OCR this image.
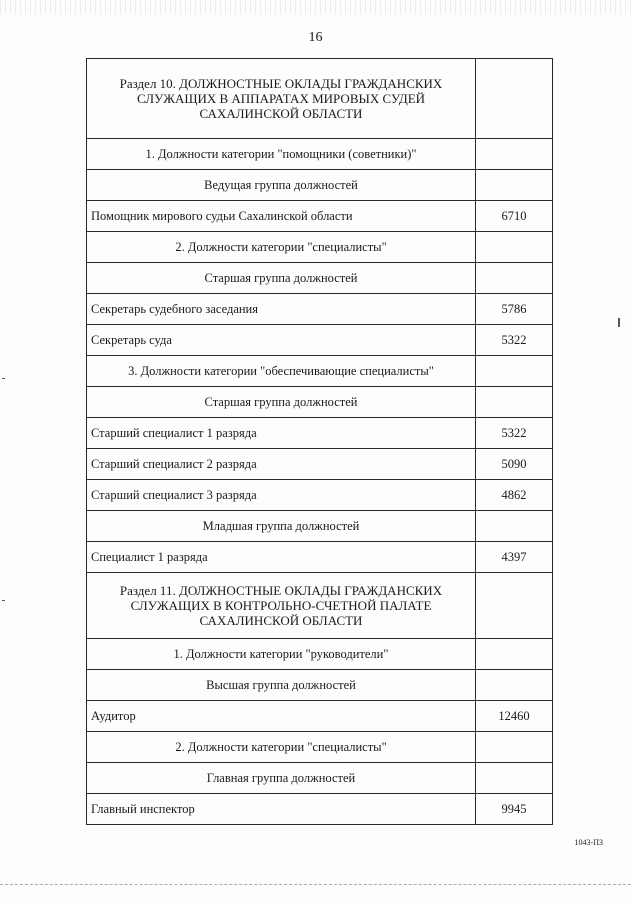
16
Раздел 10. ДОЛЖНОСТНЫЕ ОКЛАДЫ ГРАЖДАНСКИХ
СЛУЖАЩИХ В АППАРАТАХ МИРОВЫХ СУДЕЙ
САХАЛИНСКОЙ ОБЛАСТИ	

1. Должности категории "помощники (советники)"	
Ведущая группа должностей	
Помощник мирового судьи Сахалинской области	6710
2. Должности категории "специалисты"	
Старшая группа должностей	
Секретарь судебного заседания	5786
Секретарь суда	5322
3. Должности категории "обеспечивающие специалисты"	
Старшая группа должностей	
Старший специалист 1 разряда	5322
Старший специалист 2 разряда	5090
Старший специалист 3 разряда	4862
Младшая группа должностей	
Специалист 1 разряда	4397

Раздел 11. ДОЛЖНОСТНЫЕ ОКЛАДЫ ГРАЖДАНСКИХ
СЛУЖАЩИХ В КОНТРОЛЬНО-СЧЕТНОЙ ПАЛАТЕ
САХАЛИНСКОЙ ОБЛАСТИ	

1. Должности категории "руководители"	
Высшая группа должностей	
Аудитор	12460
2. Должности категории "специалисты"	
Главная группа должностей	
Главный инспектор	9945
1043-ПЗ
